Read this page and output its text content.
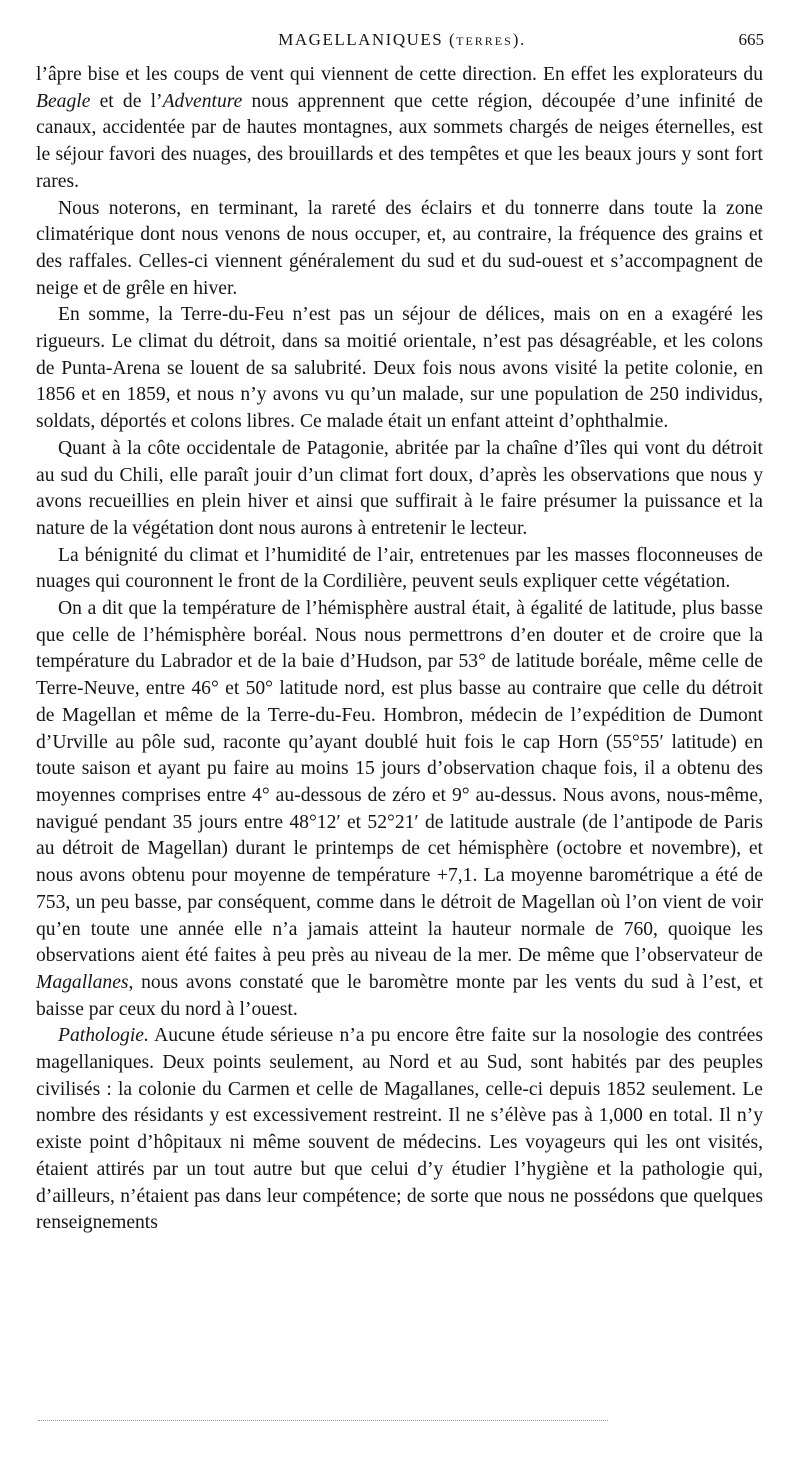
MAGELLANIQUES (TERRES).	665

l’âpre bise et les coups de vent qui viennent de cette direction. En effet les explorateurs du Beagle et de l’Adventure nous apprennent que cette région, découpée d’une infinité de canaux, accidentée par de hautes montagnes, aux sommets chargés de neiges éternelles, est le séjour favori des nuages, des brouillards et des tempêtes et que les beaux jours y sont fort rares.

Nous noterons, en terminant, la rareté des éclairs et du tonnerre dans toute la zone climatérique dont nous venons de nous occuper, et, au contraire, la fréquence des grains et des raffales. Celles-ci viennent généralement du sud et du sud-ouest et s’accompagnent de neige et de grêle en hiver.

En somme, la Terre-du-Feu n’est pas un séjour de délices, mais on en a exagéré les rigueurs. Le climat du détroit, dans sa moitié orientale, n’est pas désagréable, et les colons de Punta-Arena se louent de sa salubrité. Deux fois nous avons visité la petite colonie, en 1856 et en 1859, et nous n’y avons vu qu’un malade, sur une population de 250 individus, soldats, déportés et colons libres. Ce malade était un enfant atteint d’ophthalmie.

Quant à la côte occidentale de Patagonie, abritée par la chaîne d’îles qui vont du détroit au sud du Chili, elle paraît jouir d’un climat fort doux, d’après les observations que nous y avons recueillies en plein hiver et ainsi que suffirait à le faire présumer la puissance et la nature de la végétation dont nous aurons à entretenir le lecteur.

La bénignité du climat et l’humidité de l’air, entretenues par les masses floconneuses de nuages qui couronnent le front de la Cordilière, peuvent seuls expliquer cette végétation.

On a dit que la température de l’hémisphère austral était, à égalité de latitude, plus basse que celle de l’hémisphère boréal. Nous nous permettrons d’en douter et de croire que la température du Labrador et de la baie d’Hudson, par 53° de latitude boréale, même celle de Terre-Neuve, entre 46° et 50° latitude nord, est plus basse au contraire que celle du détroit de Magellan et même de la Terre-du-Feu. Hombron, médecin de l’expédition de Dumont d’Urville au pôle sud, raconte qu’ayant doublé huit fois le cap Horn (55°55′ latitude) en toute saison et ayant pu faire au moins 15 jours d’observation chaque fois, il a obtenu des moyennes comprises entre 4° au-dessous de zéro et 9° au-dessus. Nous avons, nous-même, navigué pendant 35 jours entre 48°12′ et 52°21′ de latitude australe (de l’antipode de Paris au détroit de Magellan) durant le printemps de cet hémisphère (octobre et novembre), et nous avons obtenu pour moyenne de température +7,1. La moyenne barométrique a été de 753, un peu basse, par conséquent, comme dans le détroit de Magellan où l’on vient de voir qu’en toute une année elle n’a jamais atteint la hauteur normale de 760, quoique les observations aient été faites à peu près au niveau de la mer. De même que l’observateur de Magallanes, nous avons constaté que le baromètre monte par les vents du sud à l’est, et baisse par ceux du nord à l’ouest.

Pathologie. Aucune étude sérieuse n’a pu encore être faite sur la nosologie des contrées magellaniques. Deux points seulement, au Nord et au Sud, sont habités par des peuples civilisés : la colonie du Carmen et celle de Magallanes, celle-ci depuis 1852 seulement. Le nombre des résidants y est excessivement restreint. Il ne s’élève pas à 1,000 en total. Il n’y existe point d’hôpitaux ni même souvent de médecins. Les voyageurs qui les ont visités, étaient attirés par un tout autre but que celui d’y étudier l’hygiène et la pathologie qui, d’ailleurs, n’étaient pas dans leur compétence; de sorte que nous ne possédons que quelques renseignements
